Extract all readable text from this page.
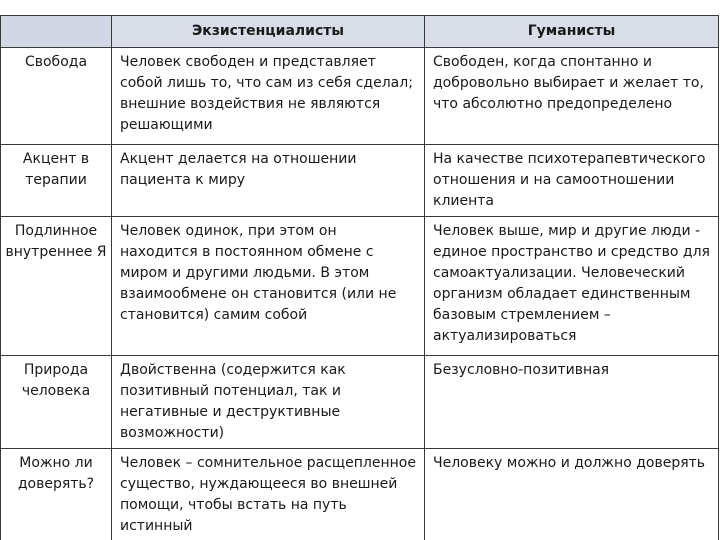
	Экзистенциалисты	Гуманисты
Свобода	Человек свободен и представляет собой лишь то, что сам из себя сделал; внешние воздействия не являются решающими	Свободен, когда спонтанно и добровольно выбирает и желает то, что абсолютно предопределено
Акцент в терапии	Акцент делается на отношении пациента к миру	На качестве психотерапевтического отношения и на самоотношении клиента
Подлинное внутреннее Я	Человек одинок, при этом он находится в постоянном обмене с миром и другими людьми. В этом взаимообмене он становится (или не становится) самим собой	Человек выше, мир и другие люди - единое пространство и средство для самоактуализации. Человеческий организм обладает единственным базовым стремлением – актуализироваться
Природа человека	Двойственна (содержится как позитивный потенциал, так и негативные и деструктивные возможности)	Безусловно-позитивная
Можно ли доверять?	Человек – сомнительное расщепленное существо, нуждающееся во внешней помощи, чтобы встать на путь истинный	Человеку можно и должно доверять
